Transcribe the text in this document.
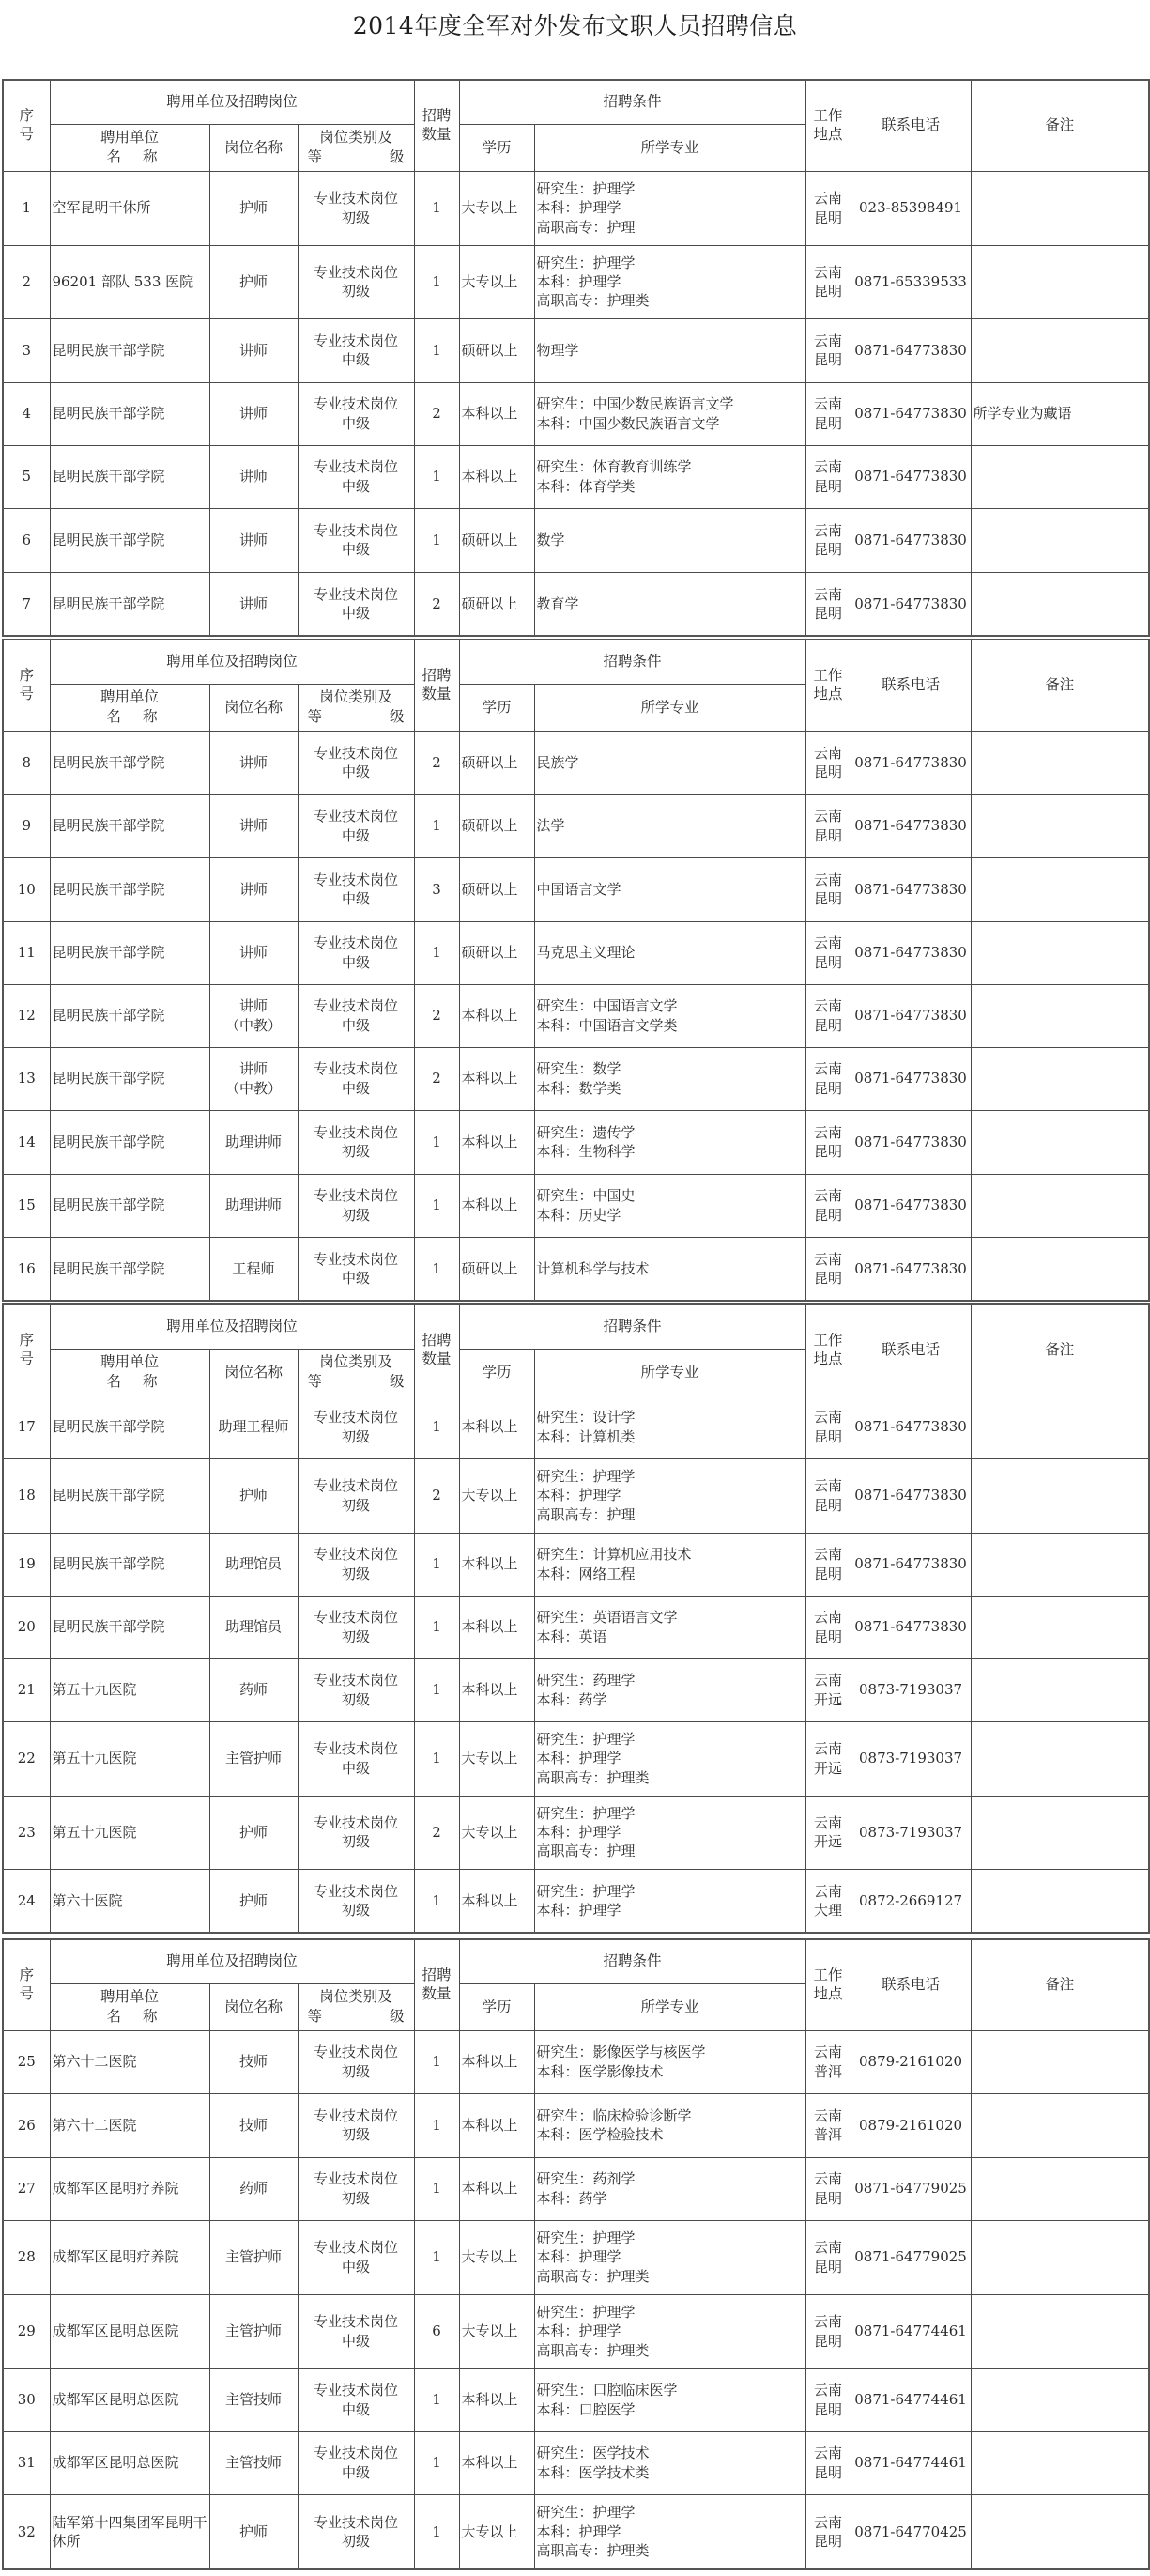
2014年度全军对外发布文职人员招聘信息
序
号	聘用单位及招聘岗位			招聘
数量	招聘条件		工作
地点	联系电话	备注

聘用单位
名 称
	岗位名称	
岗位类别及
等	级
	学历	所学专业
1	空军昆明干休所	护师	专业技术岗位
初级	1	大专以上	研究生：护理学
本科：护理学
高职高专：护理	云南
昆明	023-85398491	
2	96201 部队 533 医院	护师	专业技术岗位
初级	1	大专以上	研究生：护理学
本科：护理学
高职高专：护理类	云南
昆明	0871-65339533	
3	昆明民族干部学院	讲师	专业技术岗位
中级	1	硕研以上	物理学	云南
昆明	0871-64773830	
4	昆明民族干部学院	讲师	专业技术岗位
中级	2	本科以上	研究生：中国少数民族语言文学
本科：中国少数民族语言文学	云南
昆明	0871-64773830	所学专业为藏语
5	昆明民族干部学院	讲师	专业技术岗位
中级	1	本科以上	研究生：体育教育训练学
本科：体育学类	云南
昆明	0871-64773830	
6	昆明民族干部学院	讲师	专业技术岗位
中级	1	硕研以上	数学	云南
昆明	0871-64773830	
7	昆明民族干部学院	讲师	专业技术岗位
中级	2	硕研以上	教育学	云南
昆明	0871-64773830	
序
号	聘用单位及招聘岗位			招聘
数量	招聘条件		工作
地点	联系电话	备注

聘用单位
名 称
	岗位名称	
岗位类别及
等	级
	学历	所学专业
8	昆明民族干部学院	讲师	专业技术岗位
中级	2	硕研以上	民族学	云南
昆明	0871-64773830	
9	昆明民族干部学院	讲师	专业技术岗位
中级	1	硕研以上	法学	云南
昆明	0871-64773830	
10	昆明民族干部学院	讲师	专业技术岗位
中级	3	硕研以上	中国语言文学	云南
昆明	0871-64773830	
11	昆明民族干部学院	讲师	专业技术岗位
中级	1	硕研以上	马克思主义理论	云南
昆明	0871-64773830	
12	昆明民族干部学院	讲师
（中教）	专业技术岗位
中级	2	本科以上	研究生：中国语言文学
本科：中国语言文学类	云南
昆明	0871-64773830	
13	昆明民族干部学院	讲师
（中教）	专业技术岗位
中级	2	本科以上	研究生：数学
本科：数学类	云南
昆明	0871-64773830	
14	昆明民族干部学院	助理讲师	专业技术岗位
初级	1	本科以上	研究生：遗传学
本科：生物科学	云南
昆明	0871-64773830	
15	昆明民族干部学院	助理讲师	专业技术岗位
初级	1	本科以上	研究生：中国史
本科：历史学	云南
昆明	0871-64773830	
16	昆明民族干部学院	工程师	专业技术岗位
中级	1	硕研以上	计算机科学与技术	云南
昆明	0871-64773830	
序
号	聘用单位及招聘岗位			招聘
数量	招聘条件		工作
地点	联系电话	备注

聘用单位
名 称
	岗位名称	
岗位类别及
等	级
	学历	所学专业
17	昆明民族干部学院	助理工程师	专业技术岗位
初级	1	本科以上	研究生：设计学
本科：计算机类	云南
昆明	0871-64773830	
18	昆明民族干部学院	护师	专业技术岗位
初级	2	大专以上	研究生：护理学
本科：护理学
高职高专：护理	云南
昆明	0871-64773830	
19	昆明民族干部学院	助理馆员	专业技术岗位
初级	1	本科以上	研究生：计算机应用技术
本科：网络工程	云南
昆明	0871-64773830	
20	昆明民族干部学院	助理馆员	专业技术岗位
初级	1	本科以上	研究生：英语语言文学
本科：英语	云南
昆明	0871-64773830	
21	第五十九医院	药师	专业技术岗位
初级	1	本科以上	研究生：药理学
本科：药学	云南
开远	0873-7193037	
22	第五十九医院	主管护师	专业技术岗位
中级	1	大专以上	研究生：护理学
本科：护理学
高职高专：护理类	云南
开远	0873-7193037	
23	第五十九医院	护师	专业技术岗位
初级	2	大专以上	研究生：护理学
本科：护理学
高职高专：护理	云南
开远	0873-7193037	
24	第六十医院	护师	专业技术岗位
初级	1	本科以上	研究生：护理学
本科：护理学	云南
大理	0872-2669127	
序
号	聘用单位及招聘岗位			招聘
数量	招聘条件		工作
地点	联系电话	备注

聘用单位
名 称
	岗位名称	
岗位类别及
等	级
	学历	所学专业
25	第六十二医院	技师	专业技术岗位
初级	1	本科以上	研究生：影像医学与核医学
本科：医学影像技术	云南
普洱	0879-2161020	
26	第六十二医院	技师	专业技术岗位
初级	1	本科以上	研究生：临床检验诊断学
本科：医学检验技术	云南
普洱	0879-2161020	
27	成都军区昆明疗养院	药师	专业技术岗位
初级	1	本科以上	研究生：药剂学
本科：药学	云南
昆明	0871-64779025	
28	成都军区昆明疗养院	主管护师	专业技术岗位
中级	1	大专以上	研究生：护理学
本科：护理学
高职高专：护理类	云南
昆明	0871-64779025	
29	成都军区昆明总医院	主管护师	专业技术岗位
中级	6	大专以上	研究生：护理学
本科：护理学
高职高专：护理类	云南
昆明	0871-64774461	
30	成都军区昆明总医院	主管技师	专业技术岗位
中级	1	本科以上	研究生：口腔临床医学
本科：口腔医学	云南
昆明	0871-64774461	
31	成都军区昆明总医院	主管技师	专业技术岗位
中级	1	本科以上	研究生：医学技术
本科：医学技术类	云南
昆明	0871-64774461	
32	陆军第十四集团军昆明干休所	护师	专业技术岗位
初级	1	大专以上	研究生：护理学
本科：护理学
高职高专：护理类	云南
昆明	0871-64770425	
